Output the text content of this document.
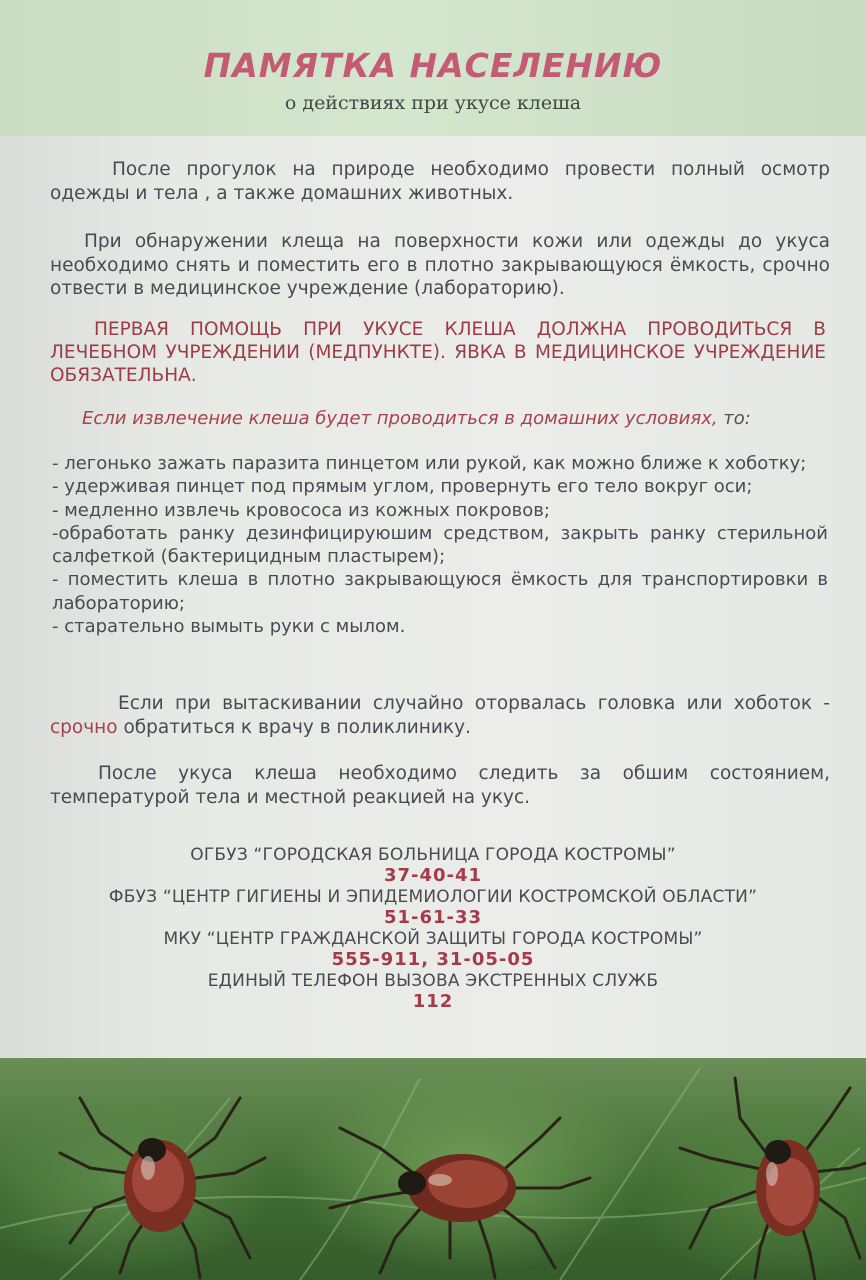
ПАМЯТКА НАСЕЛЕНИЮ
о действиях при укусе клеша

После прогулок на природе необходимо провести полный осмотр одежды и тела , а также домашних животных.

При обнаружении клеща на поверхности кожи или одежды до укуса необходимо снять и поместить его в плотно закрывающуюся ёмкость, срочно отвести в медицинское учреждение (лабораторию).

ПЕРВАЯ ПОМОЩЬ ПРИ УКУСЕ КЛЕША ДОЛЖНА ПРОВОДИТЬСЯ В ЛЕЧЕБНОМ УЧРЕЖДЕНИИ (МЕДПУНКТЕ). ЯВКА В МЕДИЦИНСКОЕ УЧРЕЖДЕНИЕ ОБЯЗАТЕЛЬНА.

Если извлечение клеша будет проводиться в домашних условиях, то:

- легонько зажать паразита пинцетом или рукой, как можно ближе к хоботку;
- удерживая пинцет под прямым углом, провернуть его тело вокруг оси;
- медленно извлечь кровососа из кожных покровов;
-обработать ранку дезинфицируюшим средством, закрыть ранку стерильной салфеткой (бактерицидным пластырем);
- поместить клеша в плотно закрывающуюся ёмкость для транспортировки в лабораторию;
- старательно вымыть руки с мылом.

Если при вытаскивании случайно оторвалась головка или хоботок - срочно обратиться к врачу в поликлинику.

После укуса клеша необходимо следить за обшим состоянием, температурой тела и местной реакцией на укус.

ОГБУЗ “ГОРОДСКАЯ БОЛЬНИЦА ГОРОДА КОСТРОМЫ”
37-40-41
ФБУЗ “ЦЕНТР ГИГИЕНЫ И ЭПИДЕМИОЛОГИИ КОСТРОМСКОЙ ОБЛАСТИ”
51-61-33
МКУ “ЦЕНТР ГРАЖДАНСКОЙ ЗАЩИТЫ ГОРОДА КОСТРОМЫ”
555-911, 31-05-05
ЕДИНЫЙ ТЕЛЕФОН ВЫЗОВА ЭКСТРЕННЫХ СЛУЖБ
112
